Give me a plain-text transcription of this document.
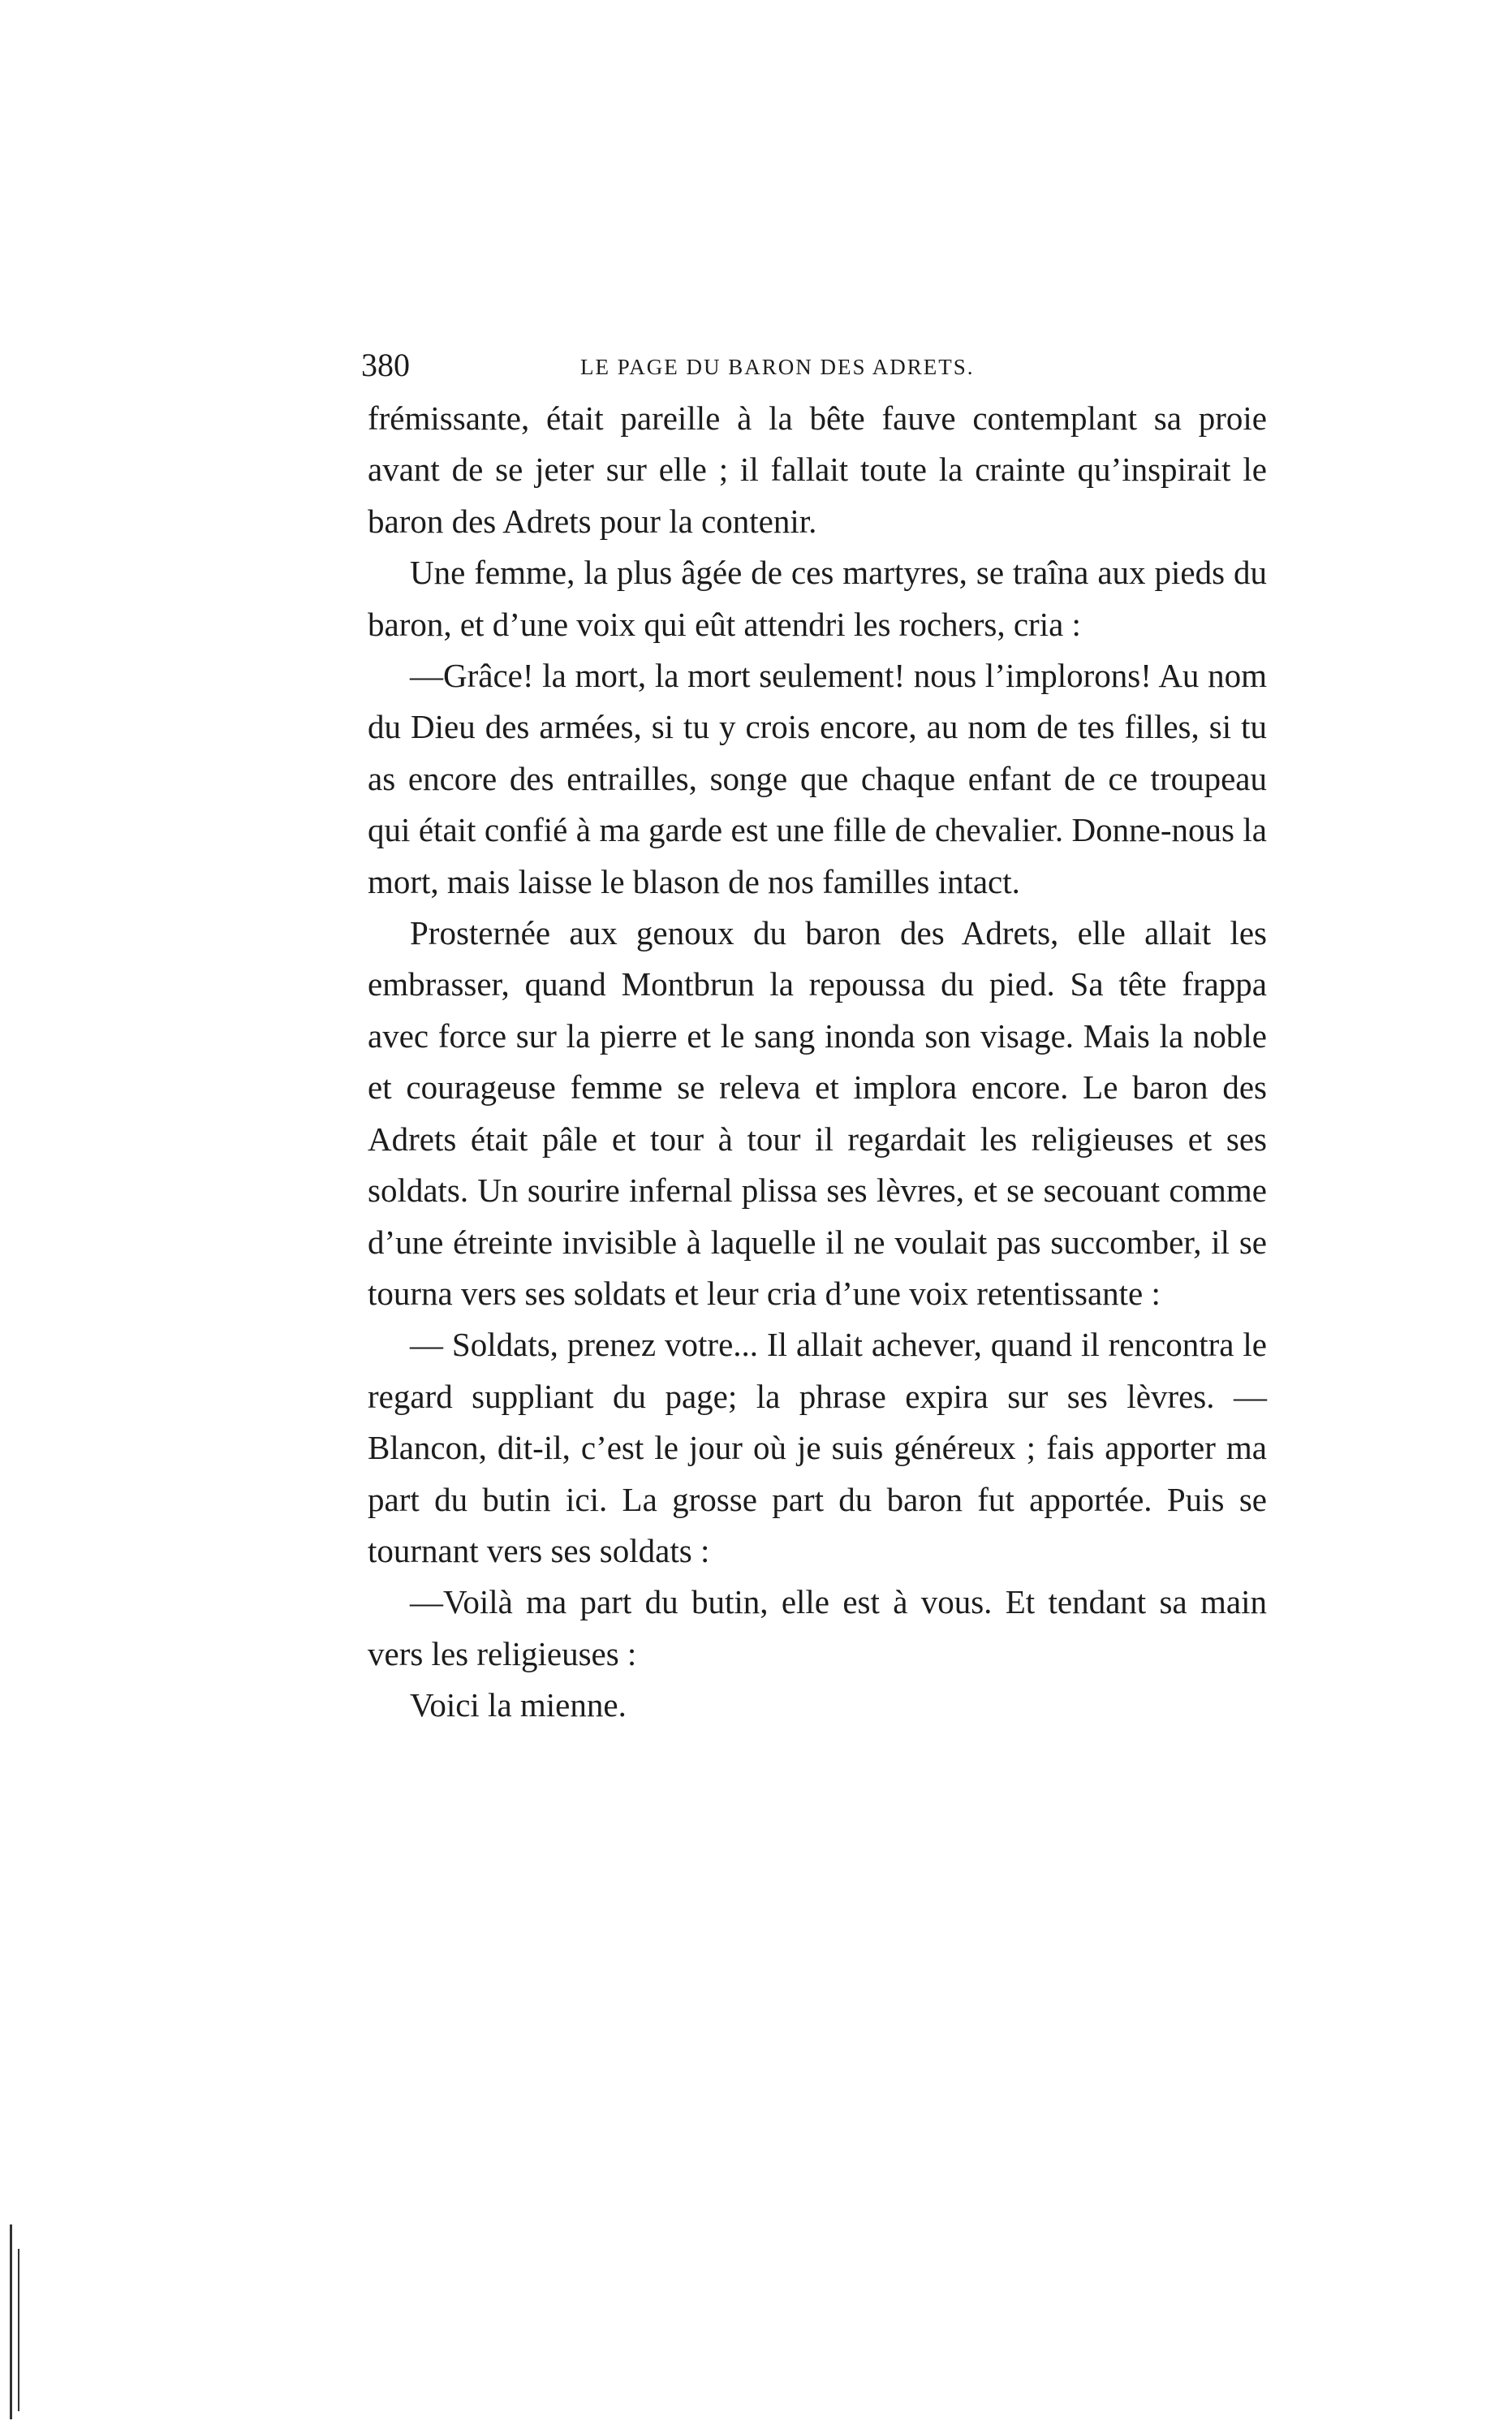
380	LE PAGE DU BARON DES ADRETS.

frémissante, était pareille à la bête fauve contemplant sa proie avant de se jeter sur elle ; il fallait toute la crainte qu’inspirait le baron des Adrets pour la contenir.

Une femme, la plus âgée de ces martyres, se traîna aux pieds du baron, et d’une voix qui eût attendri les rochers, cria :

—Grâce! la mort, la mort seulement! nous l’implorons! Au nom du Dieu des armées, si tu y crois encore, au nom de tes filles, si tu as encore des entrailles, songe que chaque enfant de ce troupeau qui était confié à ma garde est une fille de chevalier. Donne-nous la mort, mais laisse le blason de nos familles intact.

Prosternée aux genoux du baron des Adrets, elle allait les embrasser, quand Montbrun la repoussa du pied. Sa tête frappa avec force sur la pierre et le sang inonda son visage. Mais la noble et courageuse femme se releva et implora encore. Le baron des Adrets était pâle et tour à tour il regardait les religieuses et ses soldats. Un sourire infernal plissa ses lèvres, et se secouant comme d’une étreinte invisible à laquelle il ne voulait pas succomber, il se tourna vers ses soldats et leur cria d’une voix retentissante :

— Soldats, prenez votre... Il allait achever, quand il rencontra le regard suppliant du page; la phrase expira sur ses lèvres. — Blancon, dit-il, c’est le jour où je suis généreux ; fais apporter ma part du butin ici. La grosse part du baron fut apportée. Puis se tournant vers ses soldats :

—Voilà ma part du butin, elle est à vous. Et tendant sa main vers les religieuses :

Voici la mienne.
